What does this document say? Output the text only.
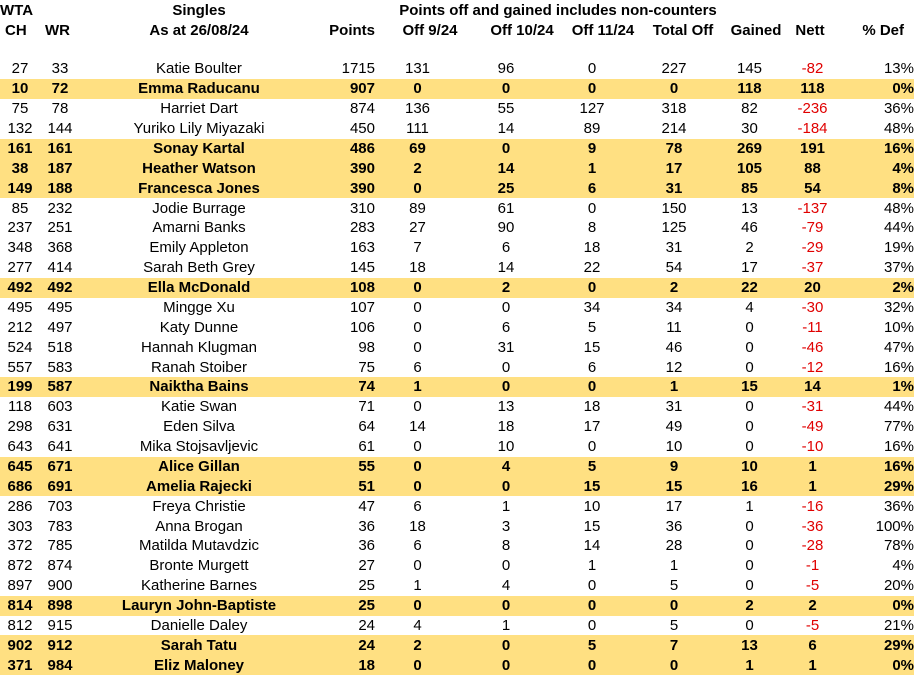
WTA
CH WR
Singles
As at 26/08/24
Points off and gained includes non-counters
Points	Off 9/24	Off 10/24	Off 11/24	Total Off	Gained Nett	% Def
27	33	Katie Boulter	1715	131	96	0	227	145	-82	13%
10	72	Emma Raducanu	907	0	0	0	0	118	118	0%
75	78	Harriet Dart	874	136	55	127	318	82	-236	36%
132	144	Yuriko Lily Miyazaki	450	111	14	89	214	30	-184	48%
161	161	Sonay Kartal	486	69	0	9	78	269	191	16%
38	187	Heather Watson	390	2	14	1	17	105	88	4%
149	188	Francesca Jones	390	0	25	6	31	85	54	8%
85	232	Jodie Burrage	310	89	61	0	150	13	-137	48%
237	251	Amarni Banks	283	27	90	8	125	46	-79	44%
348	368	Emily Appleton	163	7	6	18	31	2	-29	19%
277	414	Sarah Beth Grey	145	18	14	22	54	17	-37	37%
492	492	Ella McDonald	108	0	2	0	2	22	20	2%
495	495	Mingge Xu	107	0	0	34	34	4	-30	32%
212	497	Katy Dunne	106	0	6	5	11	0	-11	10%
524	518	Hannah Klugman	98	0	31	15	46	0	-46	47%
557	583	Ranah Stoiber	75	6	0	6	12	0	-12	16%
199	587	Naiktha Bains	74	1	0	0	1	15	14	1%
118	603	Katie Swan	71	0	13	18	31	0	-31	44%
298	631	Eden Silva	64	14	18	17	49	0	-49	77%
643	641	Mika Stojsavljevic	61	0	10	0	10	0	-10	16%
645	671	Alice Gillan	55	0	4	5	9	10	1	16%
686	691	Amelia Rajecki	51	0	0	15	15	16	1	29%
286	703	Freya Christie	47	6	1	10	17	1	-16	36%
303	783	Anna Brogan	36	18	3	15	36	0	-36	100%
372	785	Matilda Mutavdzic	36	6	8	14	28	0	-28	78%
872	874	Bronte Murgett	27	0	0	1	1	0	-1	4%
897	900	Katherine Barnes	25	1	4	0	5	0	-5	20%
814	898	Lauryn John-Baptiste	25	0	0	0	0	2	2	0%
812	915	Danielle Daley	24	4	1	0	5	0	-5	21%
902	912	Sarah Tatu	24	2	0	5	7	13	6	29%
371	984	Eliz Maloney	18	0	0	0	0	1	1	0%
